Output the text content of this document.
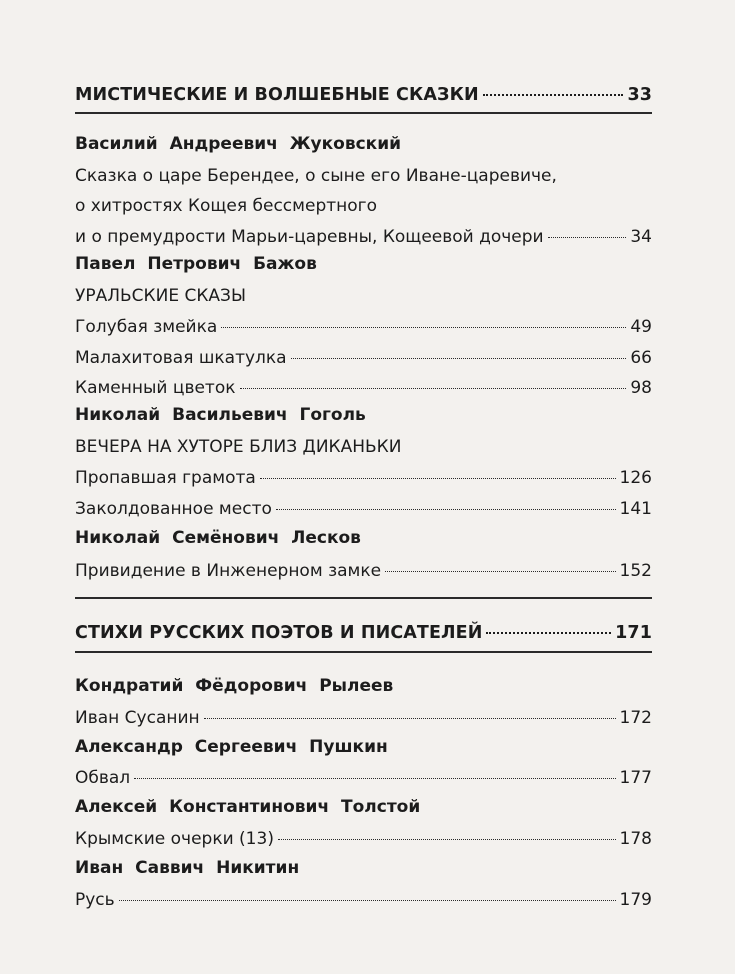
МИСТИЧЕСКИЕ И ВОЛШЕБНЫЕ СКАЗКИ	33
Василий Андреевич Жуковский
Сказка о царе Берендее, о сыне его Иване-царевиче,
о хитростях Кощея бессмертного
и о премудрости Марьи-царевны, Кощеевой дочери	34
Павел Петрович Бажов
УРАЛЬСКИЕ СКАЗЫ
Голубая змейка	49
Малахитовая шкатулка	66
Каменный цветок	98
Николай Васильевич Гоголь
ВЕЧЕРА НА ХУТОРЕ БЛИЗ ДИКАНЬКИ
Пропавшая грамота	126
Заколдованное место	141
Николай Семёнович Лесков
Привидение в Инженерном замке	152
СТИХИ РУССКИХ ПОЭТОВ И ПИСАТЕЛЕЙ	171
Кондратий Фёдорович Рылеев
Иван Сусанин	172
Александр Сергеевич Пушкин
Обвал	177
Алексей Константинович Толстой
Крымские очерки (13)	178
Иван Саввич Никитин
Русь	179
